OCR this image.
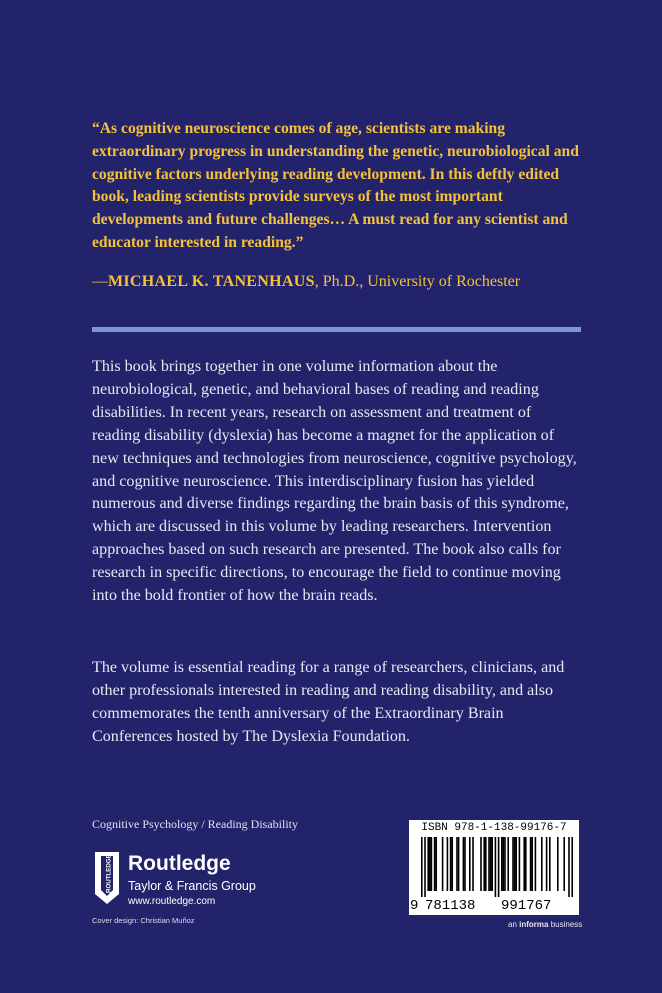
“As cognitive neuroscience comes of age, scientists are making extraordinary progress in understanding the genetic, neurobiological and cognitive factors underlying reading development. In this deftly edited book, leading scientists provide surveys of the most important developments and future challenges… A must read for any scientist and educator interested in reading.”

—MICHAEL K. TANENHAUS, Ph.D., University of Rochester

This book brings together in one volume information about the neurobiological, genetic, and behavioral bases of reading and reading disabilities. In recent years, research on assessment and treatment of reading disability (dyslexia) has become a magnet for the application of new techniques and technologies from neuroscience, cognitive psychology, and cognitive neuroscience. This interdisciplinary fusion has yielded numerous and diverse findings regarding the brain basis of this syndrome, which are discussed in this volume by leading researchers. Intervention approaches based on such research are presented. The book also calls for research in specific directions, to encourage the field to continue moving into the bold frontier of how the brain reads.

The volume is essential reading for a range of researchers, clinicians, and other professionals interested in reading and reading disability, and also commemorates the tenth anniversary of the Extraordinary Brain Conferences hosted by The Dyslexia Foundation.

Cognitive Psychology / Reading Disability

ROUTLEDGE Routledge
Taylor & Francis Group
www.routledge.com
Cover design: Christian Muñoz
ISBN 978-1-138-99176-7
9 781138 991767
an informa business
